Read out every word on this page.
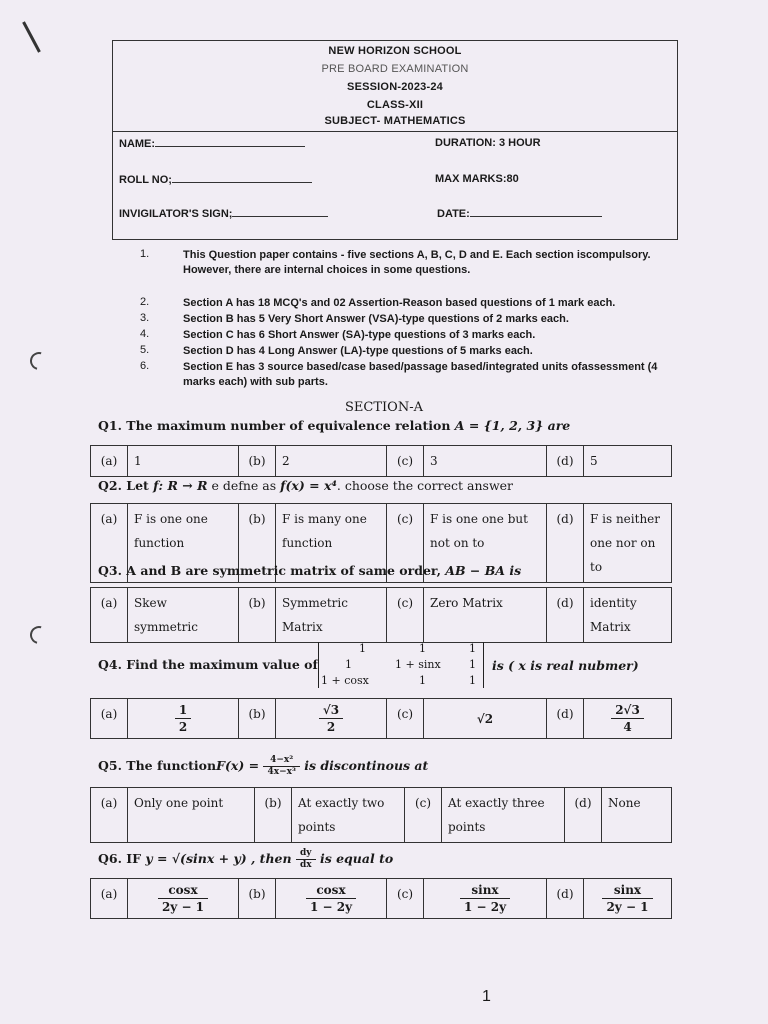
NEW HORIZON SCHOOL
PRE BOARD EXAMINATION
SESSION-2023-24
CLASS-XII
SUBJECT- MATHEMATICS
NAME:	DURATION: 3 HOUR
ROLL NO;	MAX MARKS:80
INVIGILATOR'S SIGN;	DATE:
1.	This Question paper contains - five sections A, B, C, D and E. Each section iscompulsory. However, there are internal choices in some questions.
2.	Section A has 18 MCQ's and 02 Assertion-Reason based questions of 1 mark each.
3.	Section B has 5 Very Short Answer (VSA)-type questions of 2 marks each.
4.	Section C has 6 Short Answer (SA)-type questions of 3 marks each.
5.	Section D has 4 Long Answer (LA)-type questions of 5 marks each.
6.	Section E has 3 source based/case based/passage based/integrated units ofassessment (4 marks each) with sub parts.
SECTION-A
Q1. The maximum number of equivalence relation A = {1, 2, 3} are
(a)	1	(b)	2	(c)	3	(d)	5
Q2. Let f: R → R e defne as f(x) = x⁴. choose the correct answer
(a)	F is one one function	(b)	F is many one function	(c)	F is one one but not on to	(d)	F is neither one nor on to
Q3. A and B are symmetric matrix of same order, AB − BA is
(a)	Skew symmetric	(b)	Symmetric Matrix	(c)	Zero Matrix	(d)	identity Matrix
Q4. Find the maximum value of
1	1	1
1	1 + sinx	1
1 + cosx	1	1
is ( x is real nubmer)
(a)	$\frac{1}{2}$	(b)	$\frac{√3}{2}$	(c)	√2	(d)	$\frac{2√3}{4}$
Q5. The functionF(x) = $\frac{\text{4−x²}}{\text{4x−x³}}$ is discontinous at
(a)	Only one point	(b)	At exactly two points	(c)	At exactly three points	(d)	None
Q6. IF y = √(sinx + y) , then $\frac{dy}{dx}$ is equal to
(a)	$\frac{\cos x}{2y - 1}$	(b)	$\frac{\cos x}{1 - 2y}$	(c)	$\frac{\sin x}{1 - 2y}$	(d)	$\frac{\sin x}{2y - 1}$
1
